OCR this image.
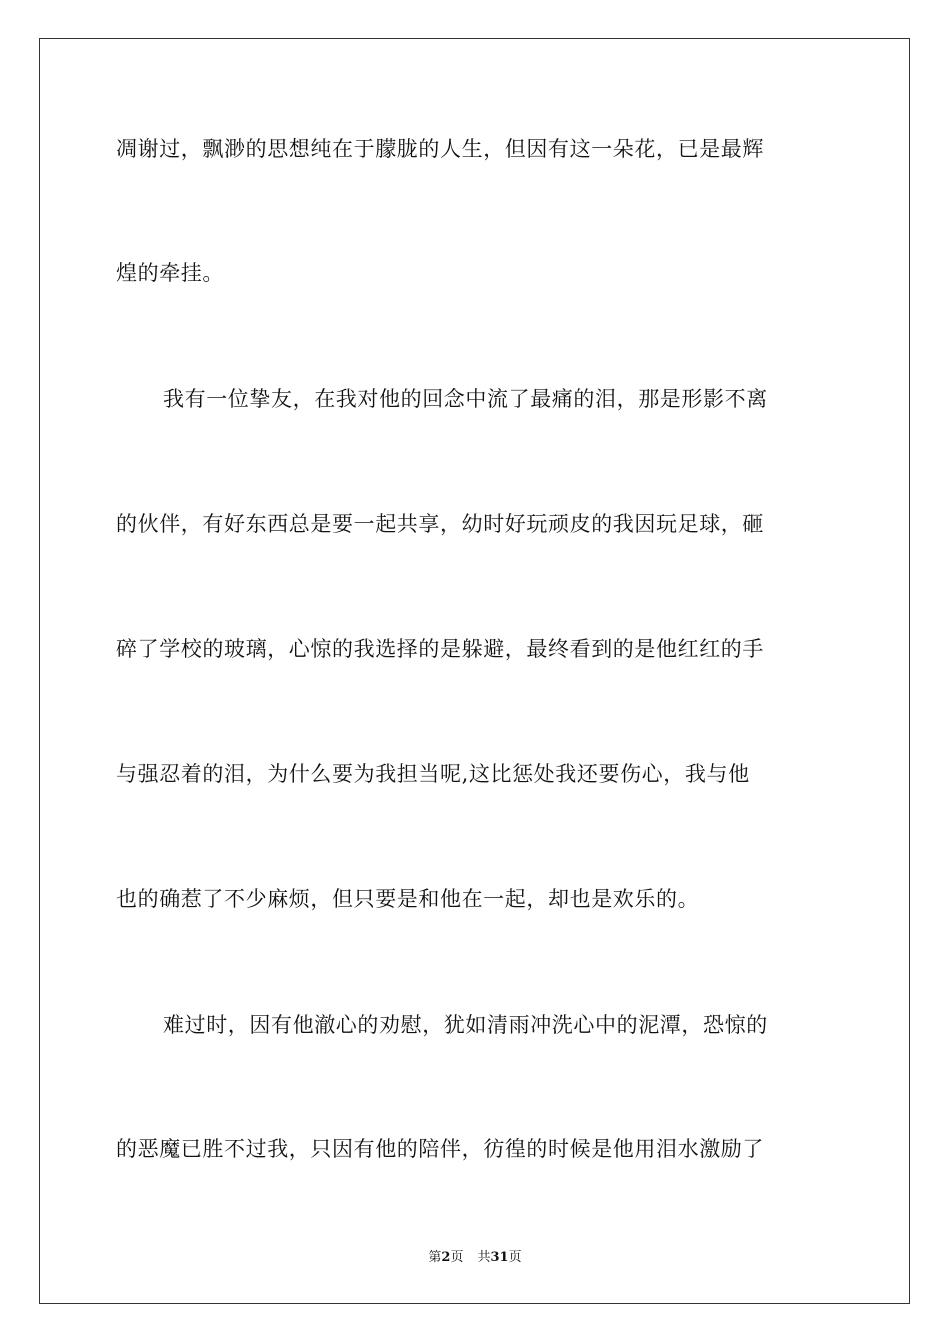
凋谢过，飘渺的思想纯在于朦胧的人生，但因有这一朵花，已是最辉
煌的牵挂。
我有一位挚友，在我对他的回念中流了最痛的泪，那是形影不离
的伙伴，有好东西总是要一起共享，幼时好玩顽皮的我因玩足球，砸
碎了学校的玻璃，心惊的我选择的是躲避，最终看到的是他红红的手
与强忍着的泪，为什么要为我担当呢,这比惩处我还要伤心，我与他
也的确惹了不少麻烦，但只要是和他在一起，却也是欢乐的。
难过时，因有他澈心的劝慰，犹如清雨冲洗心中的泥潭，恐惊的
的恶魔已胜不过我，只因有他的陪伴，彷徨的时候是他用泪水激励了
第2页 共31页
